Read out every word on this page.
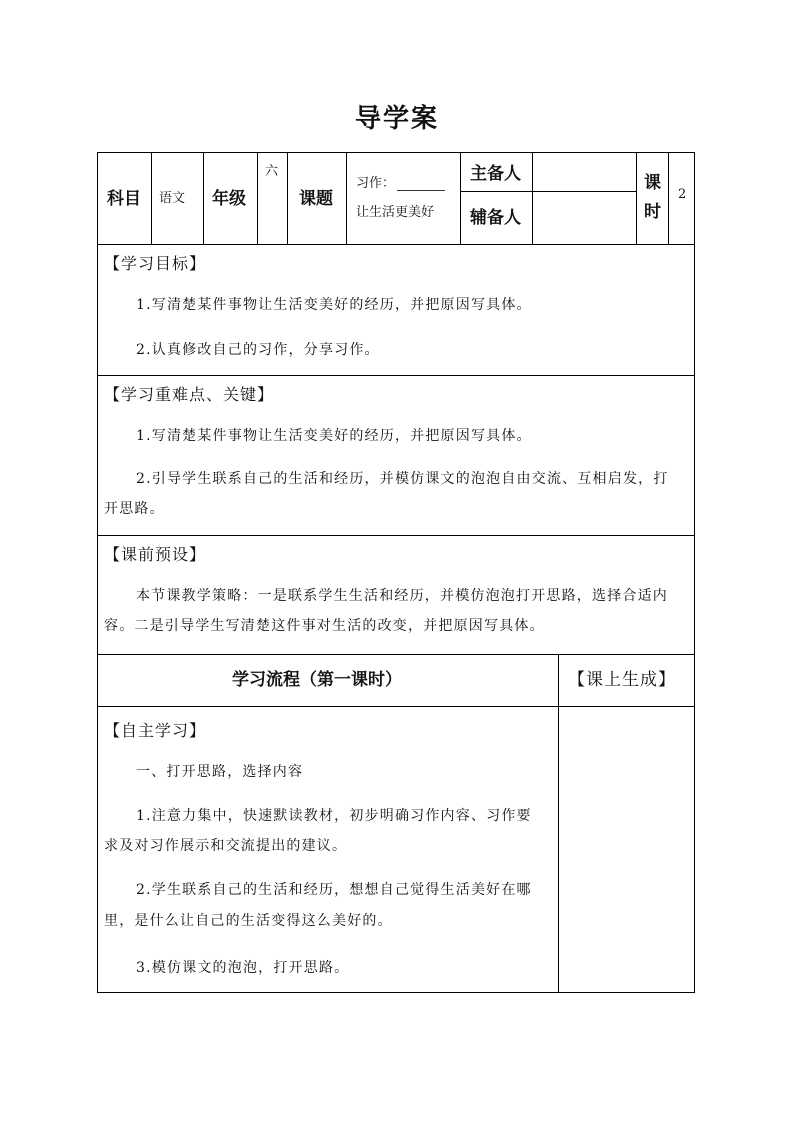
导学案
科目 语文 年级
六
课题
习作：
让生活更美好
主备人
辅备人
课
时
2
【学习目标】
1.写清楚某件事物让生活变美好的经历，并把原因写具体。
2.认真修改自己的习作，分享习作。
【学习重难点、关键】
1.写清楚某件事物让生活变美好的经历，并把原因写具体。
2.引导学生联系自己的生活和经历，并模仿课文的泡泡自由交流、互相启发，打
开思路。
【课前预设】
本节课教学策略：一是联系学生生活和经历，并模仿泡泡打开思路，选择合适内
容。二是引导学生写清楚这件事对生活的改变，并把原因写具体。
学习流程（第一课时）	【课上生成】
【自主学习】
一、打开思路，选择内容
1.注意力集中，快速默读教材，初步明确习作内容、习作要
求及对习作展示和交流提出的建议。
2.学生联系自己的生活和经历，想想自己觉得生活美好在哪
里，是什么让自己的生活变得这么美好的。
3.模仿课文的泡泡，打开思路。
